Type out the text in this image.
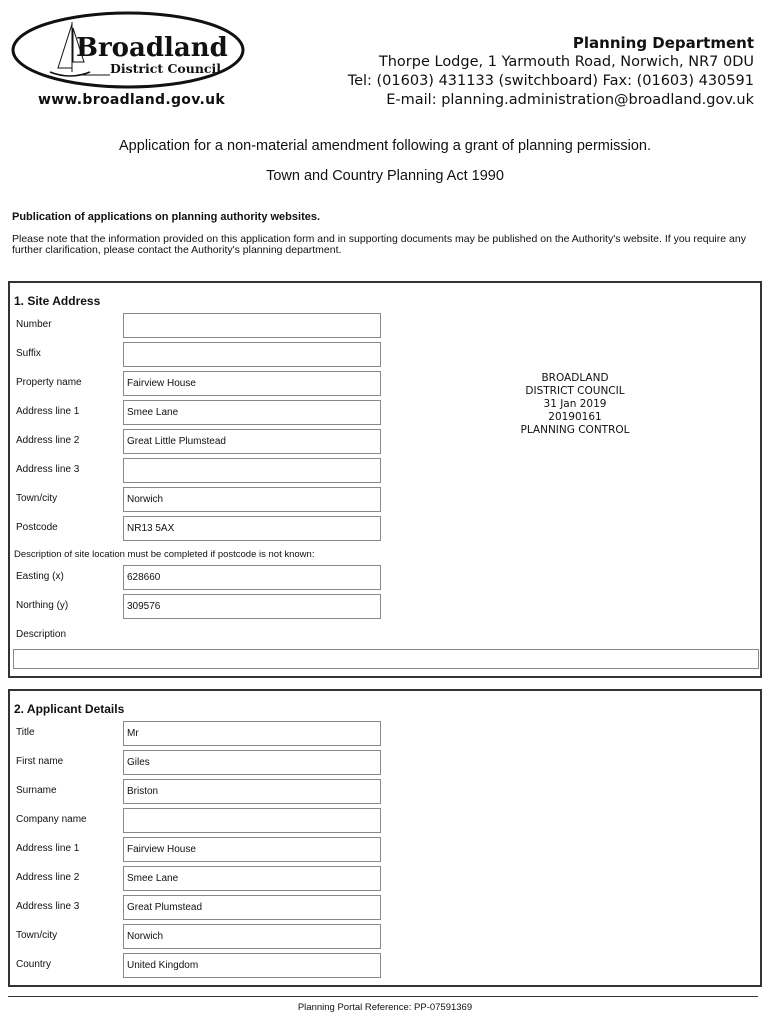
Broadland
District Council
www.broadland.gov.uk
Planning Department
Thorpe Lodge, 1 Yarmouth Road, Norwich, NR7 0DU
Tel: (01603) 431133 (switchboard) Fax: (01603) 430591
E-mail: planning.administration@broadland.gov.uk
Application for a non-material amendment following a grant of planning permission.
Town and Country Planning Act 1990
Publication of applications on planning authority websites.
Please note that the information provided on this application form and in supporting documents may be published on the Authority's website. If you require any further clarification, please contact the Authority's planning department.
1. Site Address
Number
Suffix
Property name	Fairview House
Address line 1	Smee Lane
Address line 2	Great Little Plumstead
Address line 3
Town/city	Norwich
Postcode	NR13 5AX
Description of site location must be completed if postcode is not known:
Easting (x)	628660
Northing (y)	309576
Description
BROADLAND
DISTRICT COUNCIL
31 Jan 2019
20190161
PLANNING CONTROL
2. Applicant Details
Title	Mr
First name	Giles
Surname	Briston
Company name
Address line 1	Fairview House
Address line 2	Smee Lane
Address line 3	Great Plumstead
Town/city	Norwich
Country	United Kingdom
Planning Portal Reference: PP-07591369
